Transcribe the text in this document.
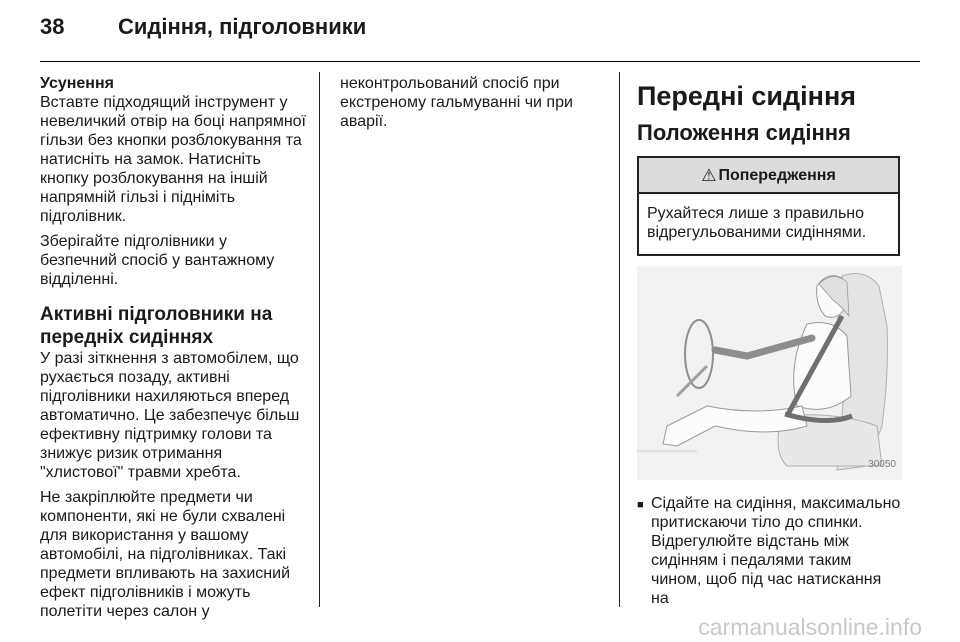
38 Сидіння, підголовники

Усунення

Вставте підходящий інструмент у невеличкий отвір на боці напрямної гільзи без кнопки розблокування та натисніть на замок. Натисніть кнопку розблокування на іншій напрямній гільзі і підніміть підголівник.

Зберігайте підголівники у безпечний спосіб у вантажному відділенні.

Активні підголовники на передніх сидіннях

У разі зіткнення з автомобілем, що рухається позаду, активні підголівники нахиляються вперед автоматично. Це забезпечує більш ефективну підтримку голови та знижує ризик отримання "хлистової" травми хребта.

Не закріплюйте предмети чи компоненти, які не були схвалені для використання у вашому автомобілі, на підголівниках. Такі предмети впливають на захисний ефект підголівників і можуть полетіти через салон у

неконтрольований спосіб при екстреному гальмуванні чи при аварії.

Передні сидіння
Положення сидіння
⚠ Попередження
Рухайтеся лише з правильно відрегульованими сидіннями.
30050
■ Сідайте на сидіння, максимально притискаючи тіло до спинки. Відрегулюйте відстань між сидінням і педалями таким чином, щоб під час натискання на
carmanualsonline.info
